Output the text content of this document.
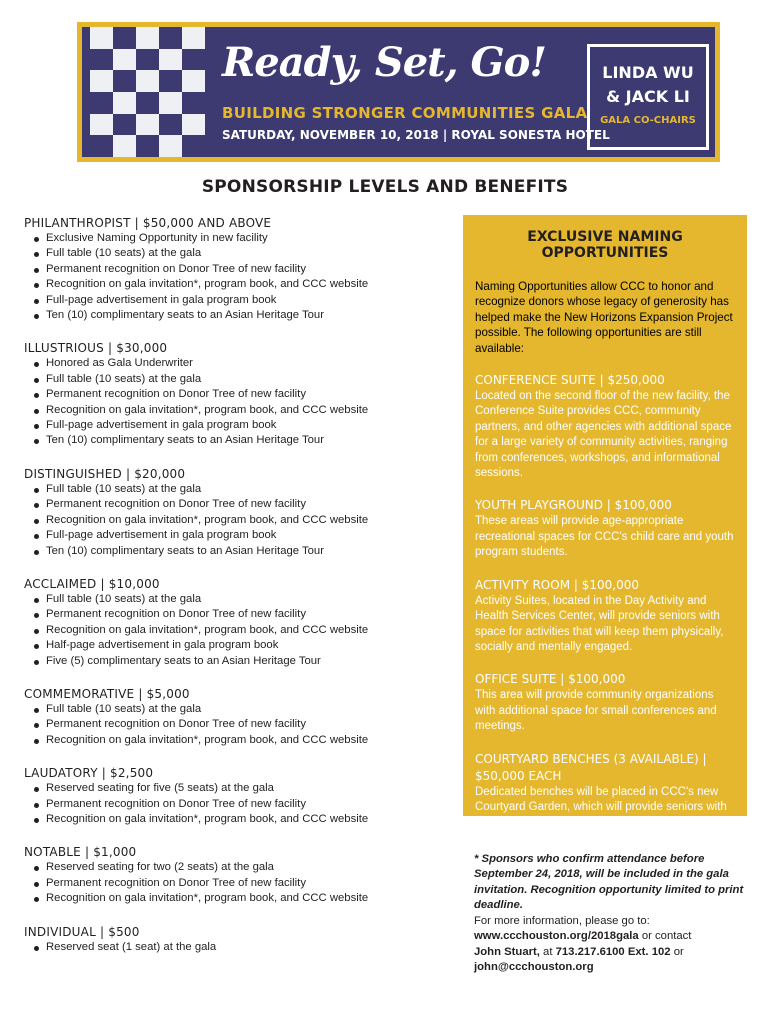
Ready, Set, Go!
BUILDING STRONGER COMMUNITIES GALA
SATURDAY, NOVEMBER 10, 2018 | ROYAL SONESTA HOTEL
LINDA WU
& JACK LI
GALA CO-CHAIRS
SPONSORSHIP LEVELS AND BENEFITS
PHILANTHROPIST | $50,000 AND ABOVE
Exclusive Naming Opportunity in new facility
Full table (10 seats) at the gala
Permanent recognition on Donor Tree of new facility
Recognition on gala invitation*, program book, and CCC website
Full-page advertisement in gala program book
Ten (10) complimentary seats to an Asian Heritage Tour
ILLUSTRIOUS | $30,000
Honored as Gala Underwriter
Full table (10 seats) at the gala
Permanent recognition on Donor Tree of new facility
Recognition on gala invitation*, program book, and CCC website
Full-page advertisement in gala program book
Ten (10) complimentary seats to an Asian Heritage Tour
DISTINGUISHED | $20,000
Full table (10 seats) at the gala
Permanent recognition on Donor Tree of new facility
Recognition on gala invitation*, program book, and CCC website
Full-page advertisement in gala program book
Ten (10) complimentary seats to an Asian Heritage Tour
ACCLAIMED | $10,000
Full table (10 seats) at the gala
Permanent recognition on Donor Tree of new facility
Recognition on gala invitation*, program book, and CCC website
Half-page advertisement in gala program book
Five (5) complimentary seats to an Asian Heritage Tour
COMMEMORATIVE | $5,000
Full table (10 seats) at the gala
Permanent recognition on Donor Tree of new facility
Recognition on gala invitation*, program book, and CCC website
LAUDATORY | $2,500
Reserved seating for five (5 seats) at the gala
Permanent recognition on Donor Tree of new facility
Recognition on gala invitation*, program book, and CCC website
NOTABLE | $1,000
Reserved seating for two (2 seats) at the gala
Permanent recognition on Donor Tree of new facility
Recognition on gala invitation*, program book, and CCC website
INDIVIDUAL | $500
Reserved seat (1 seat) at the gala
EXCLUSIVE NAMING OPPORTUNITIES
Naming Opportunities allow CCC to honor and recognize donors whose legacy of generosity has helped make the New Horizons Expansion Project possible. The following opportunities are still available:
CONFERENCE SUITE | $250,000
Located on the second floor of the new facility, the Conference Suite provides CCC, community partners, and other agencies with additional space for a large variety of community activities, ranging from conferences, workshops, and informational sessions.
YOUTH PLAYGROUND | $100,000
These areas will provide age-appropriate recreational spaces for CCC's child care and youth program students.
ACTIVITY ROOM | $100,000
Activity Suites, located in the Day Activity and Health Services Center, will provide seniors with space for activities that will keep them physically, socially and mentally engaged.
OFFICE SUITE | $100,000
This area will provide community organizations with additional space for small conferences and meetings.
COURTYARD BENCHES (3 AVAILABLE) | $50,000 EACH
Dedicated benches will be placed in CCC's new Courtyard Garden, which will provide seniors with an outdoor space for peace and tranquility.
* Sponsors who confirm attendance before September 24, 2018, will be included in the gala invitation. Recognition opportunity limited to print deadline.
For more information, please go to:
www.ccchouston.org/2018gala or contact
John Stuart, at 713.217.6100 Ext. 102 or
john@ccchouston.org
